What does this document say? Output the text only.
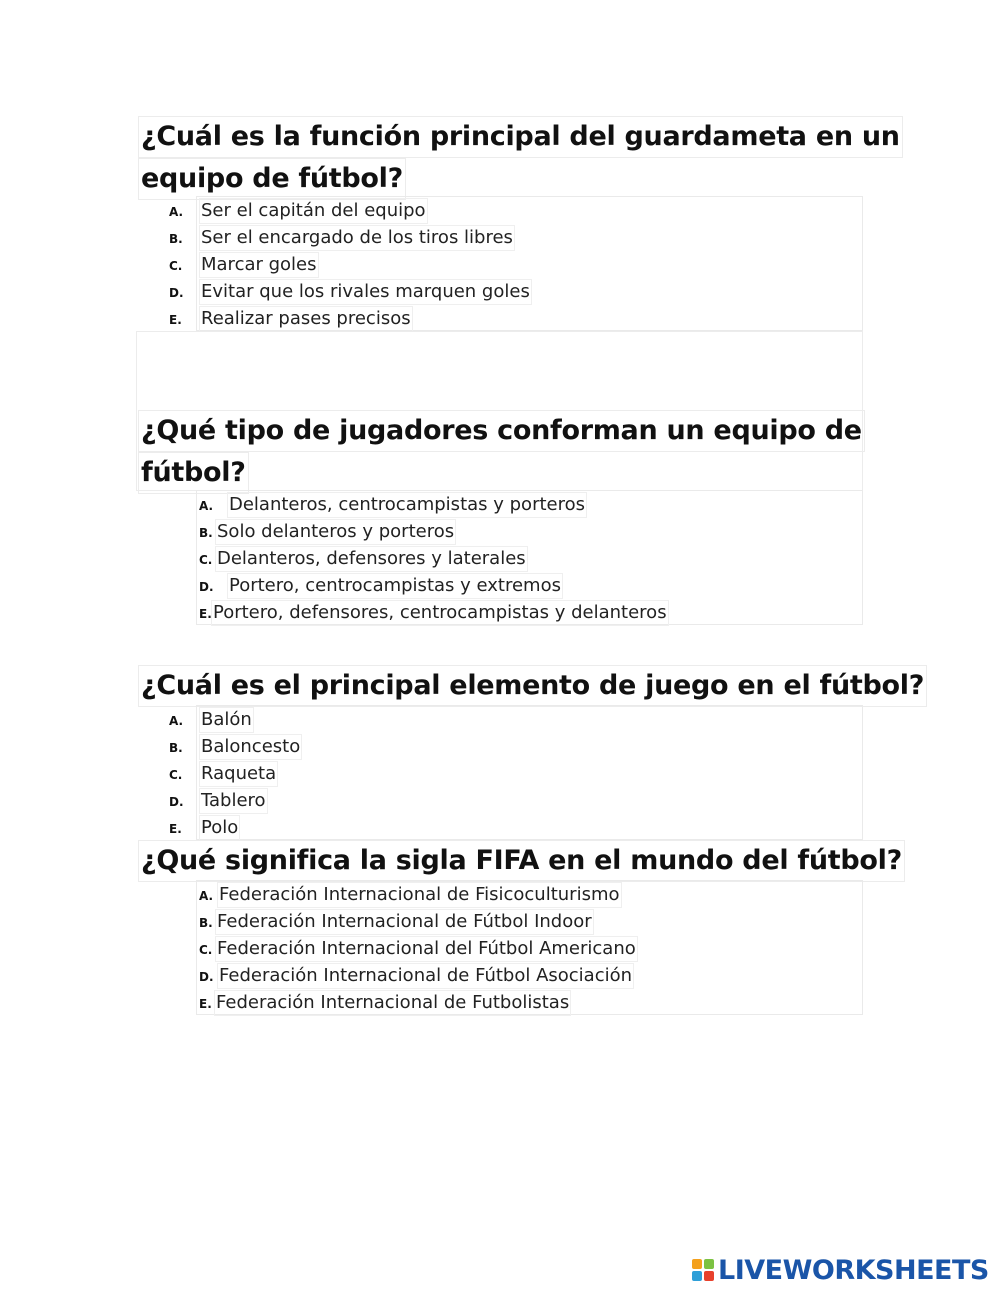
¿Cuál es la función principal del guardameta en un
equipo de fútbol?
A. Ser el capitán del equipo
B. Ser el encargado de los tiros libres
C. Marcar goles
D. Evitar que los rivales marquen goles
E. Realizar pases precisos
¿Qué tipo de jugadores conforman un equipo de
fútbol?
A. Delanteros, centrocampistas y porteros
B. Solo delanteros y porteros
C. Delanteros, defensores y laterales
D. Portero, centrocampistas y extremos
E.Portero, defensores, centrocampistas y delanteros
¿Cuál es el principal elemento de juego en el fútbol?
A. Balón
B. Baloncesto
C. Raqueta
D. Tablero
E. Polo
¿Qué significa la sigla FIFA en el mundo del fútbol?
A. Federación Internacional de Fisicoculturismo
B. Federación Internacional de Fútbol Indoor
C. Federación Internacional del Fútbol Americano
D. Federación Internacional de Fútbol Asociación
E. Federación Internacional de Futbolistas
LIVEWORKSHEETS
